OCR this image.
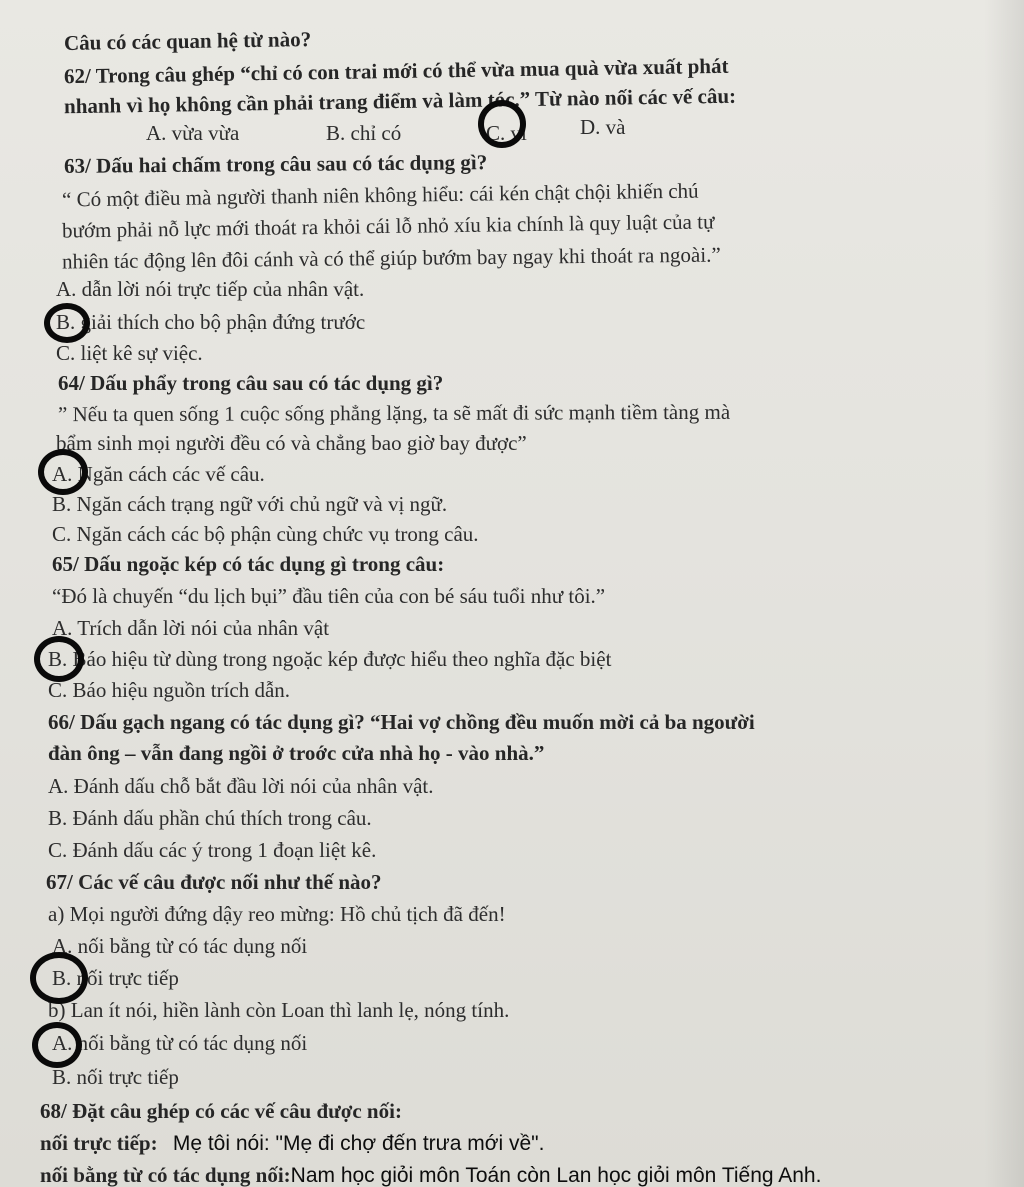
Câu có các quan hệ từ nào?
62/ Trong câu ghép “chỉ có con trai mới có thể vừa mua quà vừa xuất phát
nhanh vì họ không cần phải trang điểm và làm tóc.” Từ nào nối các vế câu:
A. vừa vừa	B. chỉ có	C. vì	D. và
63/ Dấu hai chấm trong câu sau có tác dụng gì?
“ Có một điều mà người thanh niên không hiểu: cái kén chật chội khiến chú
bướm phải nỗ lực mới thoát ra khỏi cái lỗ nhỏ xíu kia chính là quy luật của tự
nhiên tác động lên đôi cánh và có thể giúp bướm bay ngay khi thoát ra ngoài.”
A. dẫn lời nói trực tiếp của nhân vật.
B. giải thích cho bộ phận đứng trước
C. liệt kê sự việc.
64/ Dấu phẩy trong câu sau có tác dụng gì?
” Nếu ta quen sống 1 cuộc sống phẳng lặng, ta sẽ mất đi sức mạnh tiềm tàng mà
bẩm sinh mọi người đều có và chẳng bao giờ bay được”
A. Ngăn cách các vế câu.
B. Ngăn cách trạng ngữ với chủ ngữ và vị ngữ.
C. Ngăn cách các bộ phận cùng chức vụ trong câu.
65/ Dấu ngoặc kép có tác dụng gì trong câu:
“Đó là chuyến “du lịch bụi” đầu tiên của con bé sáu tuổi như tôi.”
A. Trích dẫn lời nói của nhân vật
B. Báo hiệu từ dùng trong ngoặc kép được hiểu theo nghĩa đặc biệt
C. Báo hiệu nguồn trích dẫn.
66/ Dấu gạch ngang có tác dụng gì? “Hai vợ chồng đều muốn mời cả ba ngoười
đàn ông – vẫn đang ngồi ở troớc cửa nhà họ - vào nhà.”
A. Đánh dấu chỗ bắt đầu lời nói của nhân vật.
B. Đánh dấu phần chú thích trong câu.
C. Đánh dấu các ý trong 1 đoạn liệt kê.
67/ Các vế câu được nối như thế nào?
a) Mọi người đứng dậy reo mừng: Hồ chủ tịch đã đến!
A. nối bằng từ có tác dụng nối
B. nối trực tiếp
b) Lan ít nói, hiền lành còn Loan thì lanh lẹ, nóng tính.
A. nối bằng từ có tác dụng nối
B. nối trực tiếp
68/ Đặt câu ghép có các vế câu được nối:
nối trực tiếp: Mẹ tôi nói: "Mẹ đi chợ đến trưa mới về".
nối bằng từ có tác dụng nối:Nam học giỏi môn Toán còn Lan học giỏi môn Tiếng Anh.
